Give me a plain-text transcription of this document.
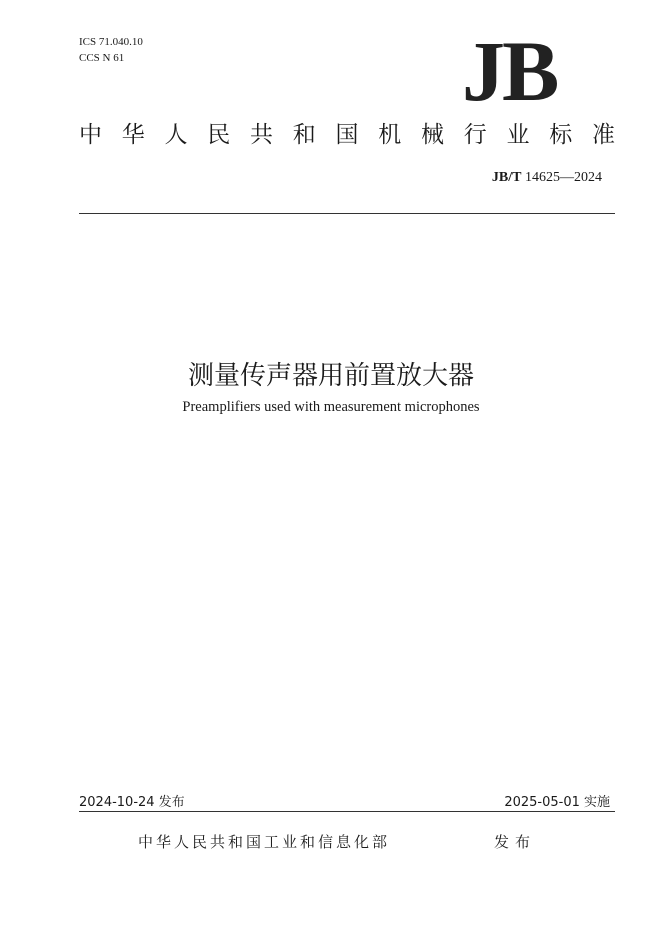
ICS 71.040.10
CCS N 61	JB
中 华 人 民 共 和 国 机 械 行 业 标 准
JB/T 14625—2024
测量传声器用前置放大器
Preamplifiers used with measurement microphones
2024-10-24 发布	2025-05-01 实施
中华人民共和国工业和信息化部	发布
